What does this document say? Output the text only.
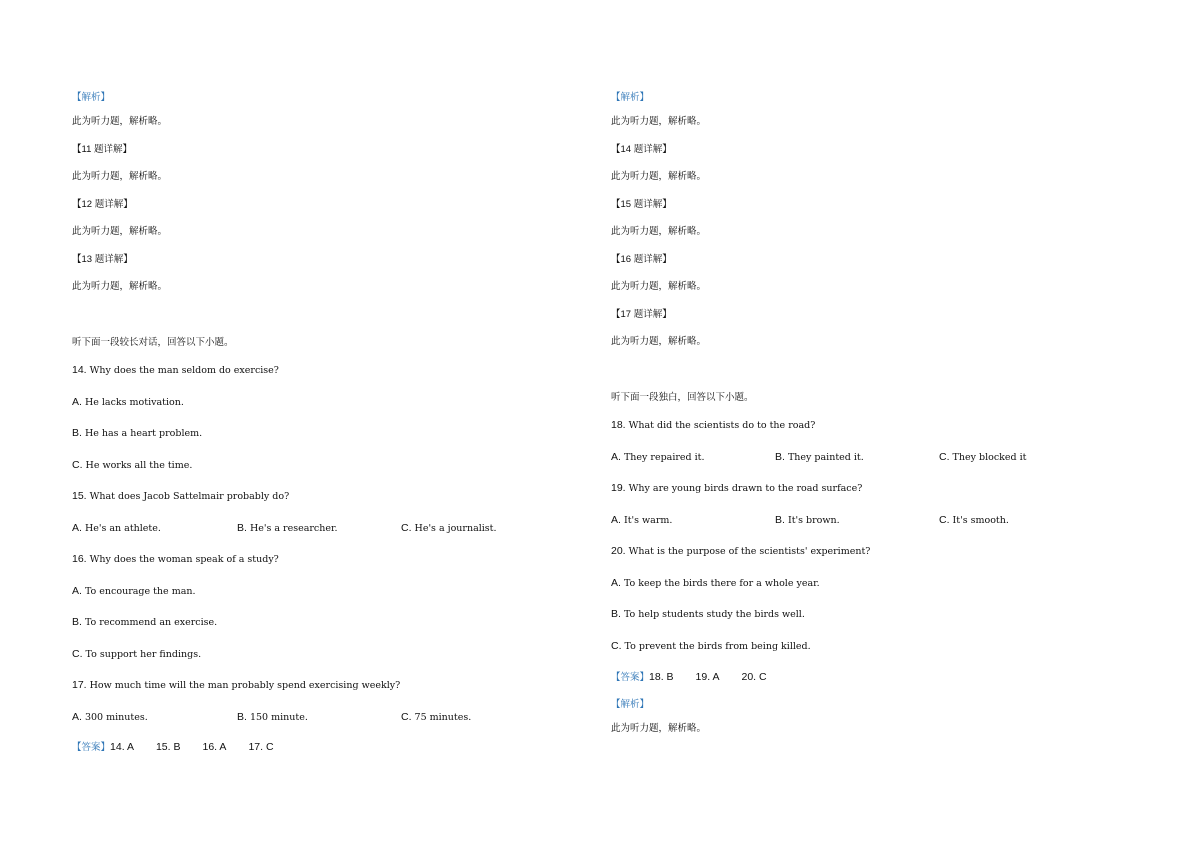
【解析】
此为听力题，解析略。
【11 题详解】
此为听力题，解析略。
【12 题详解】
此为听力题，解析略。
【13 题详解】
此为听力题，解析略。
听下面一段较长对话，回答以下小题。
14. Why does the man seldom do exercise?
A. He lacks motivation.
B. He has a heart problem.
C. He works all the time.
15. What does Jacob Sattelmair probably do?
A. He's an athlete.	B. He's a researcher.	C. He's a journalist.
16. Why does the woman speak of a study?
A. To encourage the man.
B. To recommend an exercise.
C. To support her findings.
17. How much time will the man probably spend exercising weekly?
A. 300 minutes.	B. 150 minute.	C. 75 minutes.
【答案】14. A 15. B 16. A 17. C
【解析】
此为听力题，解析略。
【14 题详解】
此为听力题，解析略。
【15 题详解】
此为听力题，解析略。
【16 题详解】
此为听力题，解析略。
【17 题详解】
此为听力题，解析略。
听下面一段独白，回答以下小题。
18. What did the scientists do to the road?
A. They repaired it.	B. They painted it.	C. They blocked it
19. Why are young birds drawn to the road surface?
A. It's warm.	B. It's brown.	C. It's smooth.
20. What is the purpose of the scientists' experiment?
A. To keep the birds there for a whole year.
B. To help students study the birds well.
C. To prevent the birds from being killed.
【答案】18. B 19. A 20. C
【解析】
此为听力题，解析略。
